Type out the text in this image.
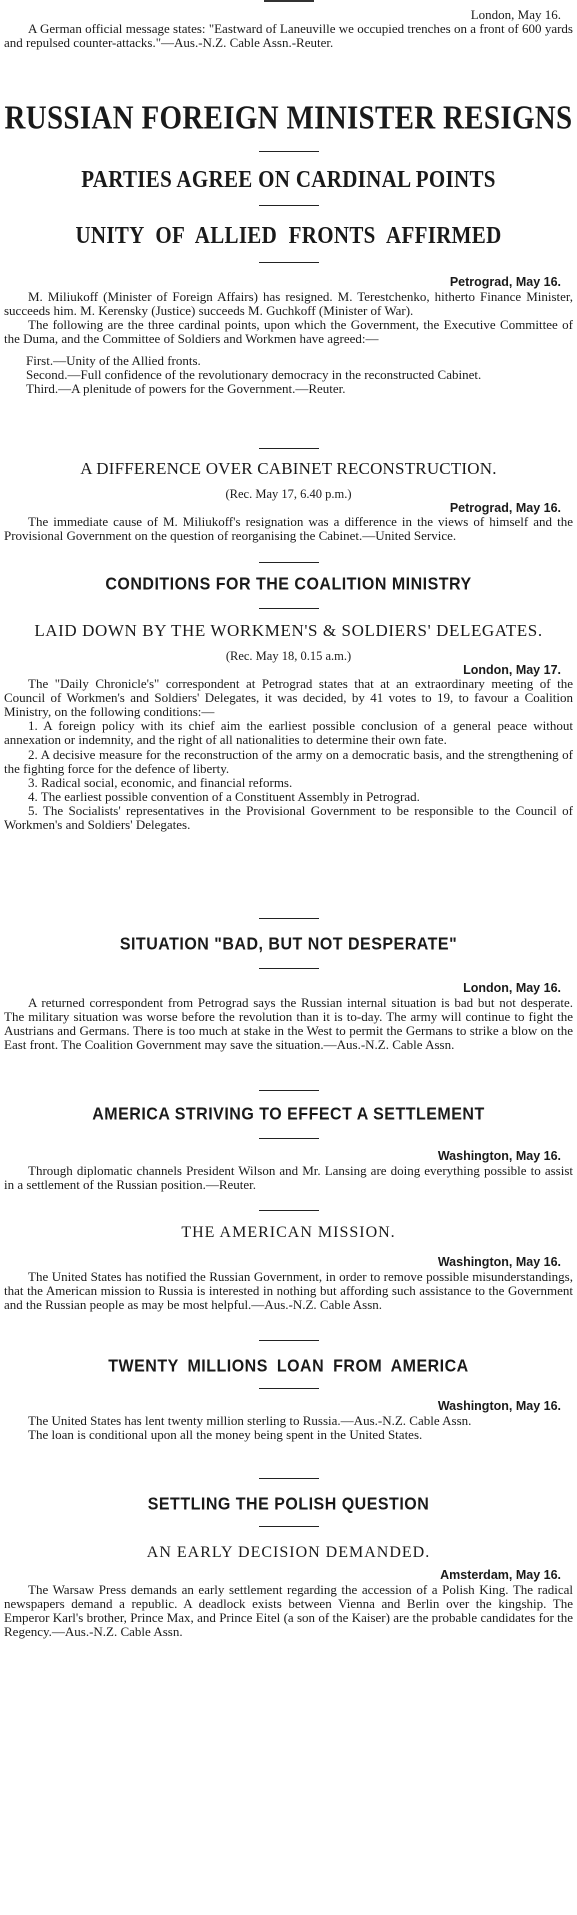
London, May 16.

A German official message states: "Eastward of Laneuville we occupied trenches on a front of 600 yards and repulsed counter-attacks."—Aus.-N.Z. Cable Assn.-Reuter.

RUSSIAN FOREIGN MINISTER RESIGNS

PARTIES AGREE ON CARDINAL POINTS

UNITY OF ALLIED FRONTS AFFIRMED

Petrograd, May 16.

M. Miliukoff (Minister of Foreign Affairs) has resigned. M. Terestchenko, hitherto Finance Minister, succeeds him. M. Kerensky (Justice) succeeds M. Guchkoff (Minister of War).

The following are the three cardinal points, upon which the Government, the Executive Committee of the Duma, and the Committee of Soldiers and Workmen have agreed:—

First.—Unity of the Allied fronts.
Second.—Full confidence of the revolutionary democracy in the reconstructed Cabinet.
Third.—A plenitude of powers for the Government.—Reuter.

A DIFFERENCE OVER CABINET RECONSTRUCTION.

(Rec. May 17, 6.40 p.m.)

Petrograd, May 16.

The immediate cause of M. Miliukoff's resignation was a difference in the views of himself and the Provisional Government on the question of reorganising the Cabinet.—United Service.

CONDITIONS FOR THE COALITION MINISTRY

LAID DOWN BY THE WORKMEN'S & SOLDIERS' DELEGATES.

(Rec. May 18, 0.15 a.m.)

London, May 17.

The "Daily Chronicle's" correspondent at Petrograd states that at an extraordinary meeting of the Council of Workmen's and Soldiers' Delegates, it was decided, by 41 votes to 19, to favour a Coalition Ministry, on the following conditions:—

1. A foreign policy with its chief aim the earliest possible conclusion of a general peace without annexation or indemnity, and the right of all nationalities to determine their own fate.
2. A decisive measure for the reconstruction of the army on a democratic basis, and the strengthening of the fighting force for the defence of liberty.
3. Radical social, economic, and financial reforms.
4. The earliest possible convention of a Constituent Assembly in Petrograd.
5. The Socialists' representatives in the Provisional Government to be responsible to the Council of Workmen's and Soldiers' Delegates.

SITUATION "BAD, BUT NOT DESPERATE"

London, May 16.

A returned correspondent from Petrograd says the Russian internal situation is bad but not desperate. The military situation was worse before the revolution than it is to-day. The army will continue to fight the Austrians and Germans. There is too much at stake in the West to permit the Germans to strike a blow on the East front. The Coalition Government may save the situation.—Aus.-N.Z. Cable Assn.

AMERICA STRIVING TO EFFECT A SETTLEMENT

Washington, May 16.

Through diplomatic channels President Wilson and Mr. Lansing are doing everything possible to assist in a settlement of the Russian position.—Reuter.

THE AMERICAN MISSION.

Washington, May 16.

The United States has notified the Russian Government, in order to remove possible misunderstandings, that the American mission to Russia is interested in nothing but affording such assistance to the Government and the Russian people as may be most helpful.—Aus.-N.Z. Cable Assn.

TWENTY MILLIONS LOAN FROM AMERICA

Washington, May 16.

The United States has lent twenty million sterling to Russia.—Aus.-N.Z. Cable Assn.

The loan is conditional upon all the money being spent in the United States.

SETTLING THE POLISH QUESTION

AN EARLY DECISION DEMANDED.

Amsterdam, May 16.

The Warsaw Press demands an early settlement regarding the accession of a Polish King. The radical newspapers demand a republic. A deadlock exists between Vienna and Berlin over the kingship. The Emperor Karl's brother, Prince Max, and Prince Eitel (a son of the Kaiser) are the probable candidates for the Regency.—Aus.-N.Z. Cable Assn.
